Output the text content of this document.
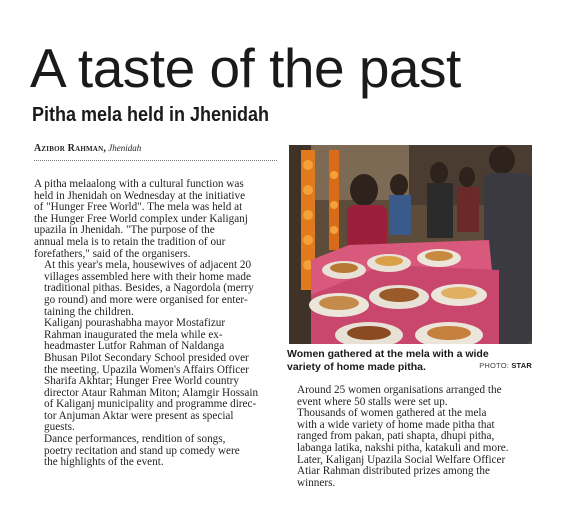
A taste of the past
Pitha mela held in Jhenidah
Azibor Rahman, Jhenidah

A pitha melaalong with a cultural function was
held in Jhenidah on Wednesday at the initiative
of "Hunger Free World". The mela was held at
the Hunger Free World complex under Kaliganj
upazila in Jhenidah. "The purpose of the
annual mela is to retain the tradition of our
forefathers," said of the organisers.

At this year's mela, housewives of adjacent 20
villages assembled here with their home made
traditional pithas. Besides, a Nagordola (merry
go round) and more were organised for enter-
taining the children.

Kaliganj pourashabha mayor Mostafizur
Rahman inaugurated the mela while ex-
headmaster Lutfor Rahman of Naldanga
Bhusan Pilot Secondary School presided over
the meeting. Upazila Women's Affairs Officer
Sharifa Akhtar; Hunger Free World country
director Ataur Rahman Miton; Alamgir Hossain
of Kaliganj municipality and programme direc-
tor Anjuman Aktar were present as special
guests.

Dance performances, rendition of songs,
poetry recitation and stand up comedy were
the highlights of the event.

Women gathered at the mela with a wide
variety of home made pitha.	PHOTO: STAR

Around 25 women organisations arranged the
event where 50 stalls were set up.

Thousands of women gathered at the mela
with a wide variety of home made pitha that
ranged from pakan, pati shapta, dhupi pitha,
labanga latika, nakshi pitha, katakuli and more.

Later, Kaliganj Upazila Social Welfare Officer
Atiar Rahman distributed prizes among the
winners.
